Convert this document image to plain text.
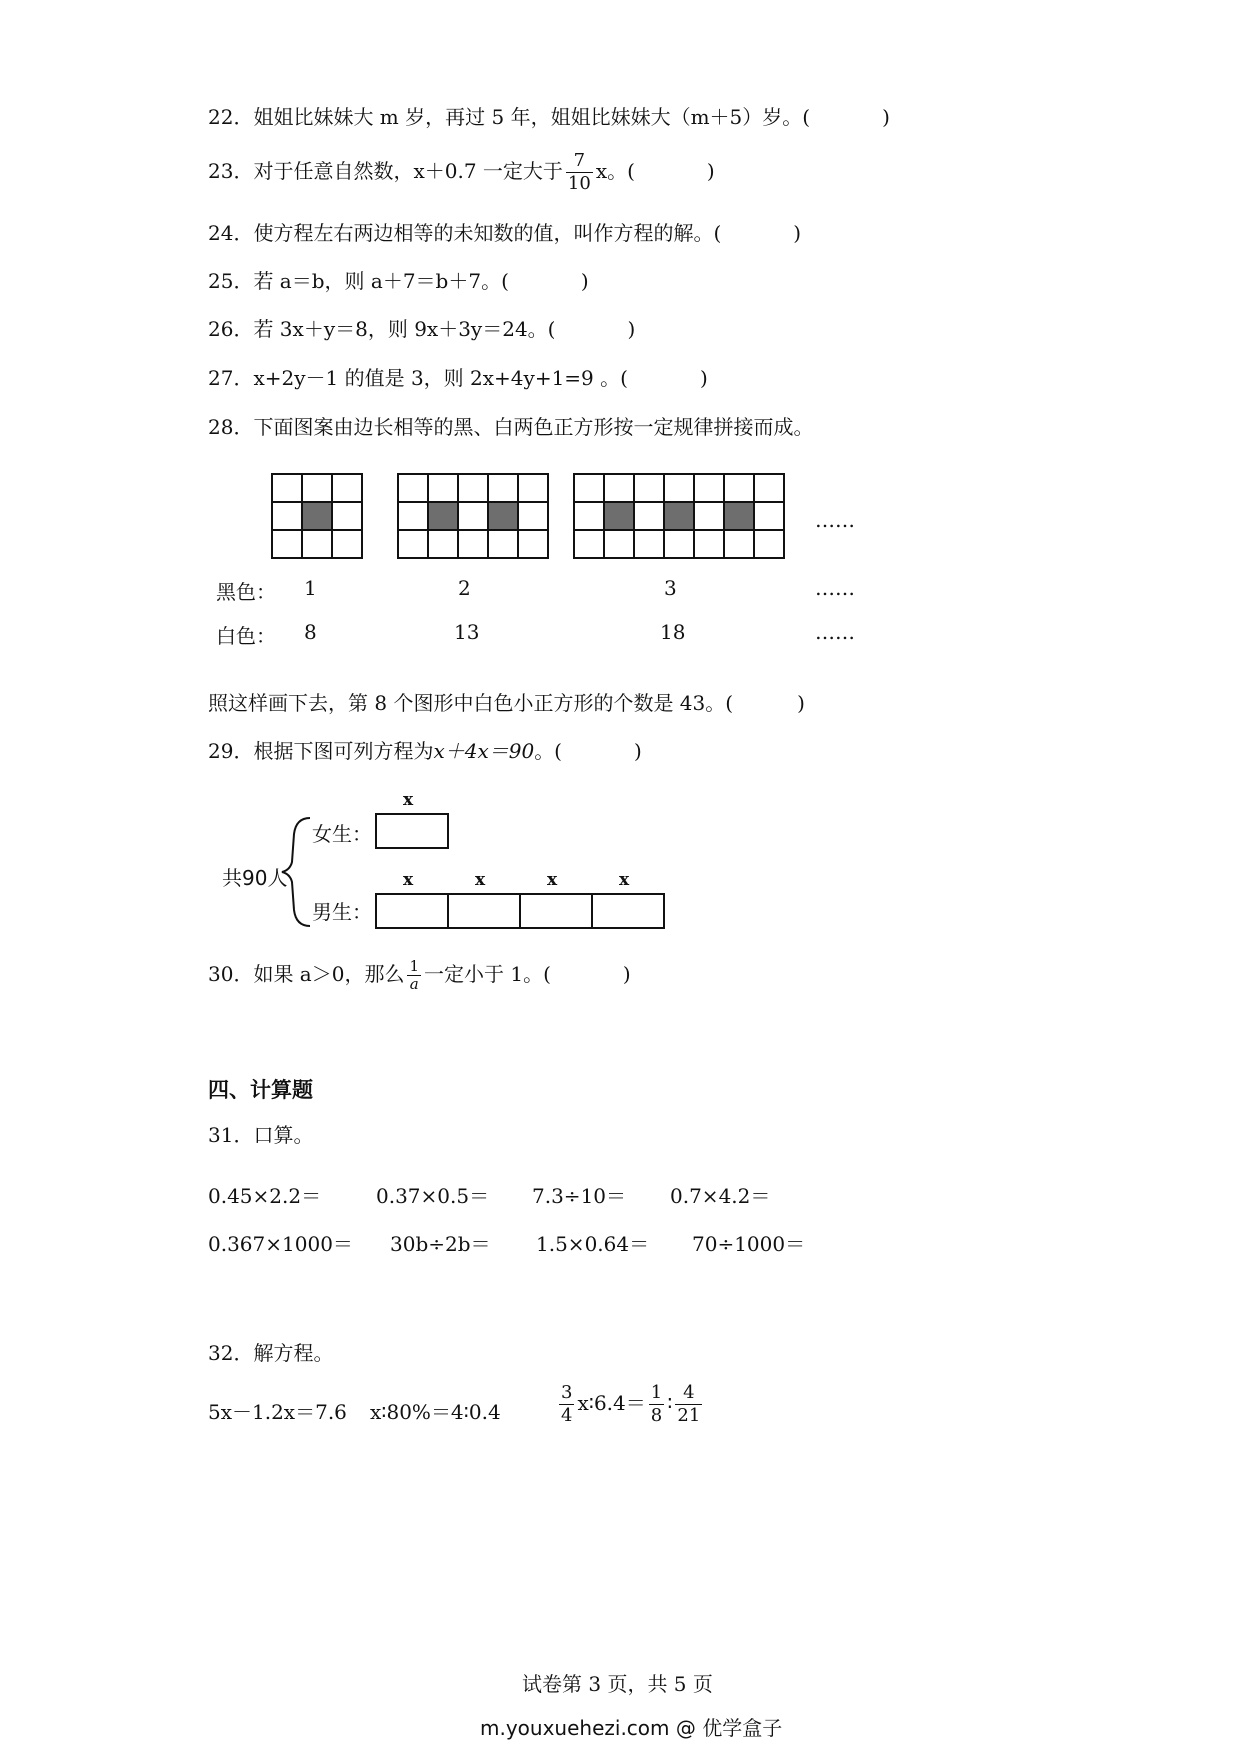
22．姐姐比妹妹大 m 岁，再过 5 年，姐姐比妹妹大（m＋5）岁。(	)
23．对于任意自然数，x＋0.7 一定大于 $\frac{7}{10}$ x。(	)
24．使方程左右两边相等的未知数的值，叫作方程的解。(	)
25．若 a＝b，则 a＋7＝b＋7。(	)
26．若 3x＋y＝8，则 9x＋3y＝24。(	)
27．x+2y－1 的值是 3，则 2x+4y+1=9 。(	)
28．下面图案由边长相等的黑、白两色正方形按一定规律拼接而成。
……
黑色： 1	2	3	……
白色： 8	13	18	……
照这样画下去，第 8 个图形中白色小正方形的个数是 43。(	)
29．根据下图可列方程为x＋4x＝90。(	)
x
x	x	x	x
共90人
女生：
男生：
30．如果 a＞0，那么 $\frac{1}{a}$ 一定小于 1。(	)
四、计算题
31．口算。
0.45×2.2＝	0.37×0.5＝ 7.3÷10＝ 0.7×4.2＝
0.367×1000＝ 30b÷2b＝ 1.5×0.64＝ 70÷1000＝
32．解方程。
5x－1.2x＝7.6 x∶80%＝4∶0.4	$\frac{3}{4}$ x∶6.4＝ $\frac{1}{8}$ ∶ $\frac{4}{21}$
试卷第 3 页，共 5 页
m.youxuehezi.com @ 优学盒子
